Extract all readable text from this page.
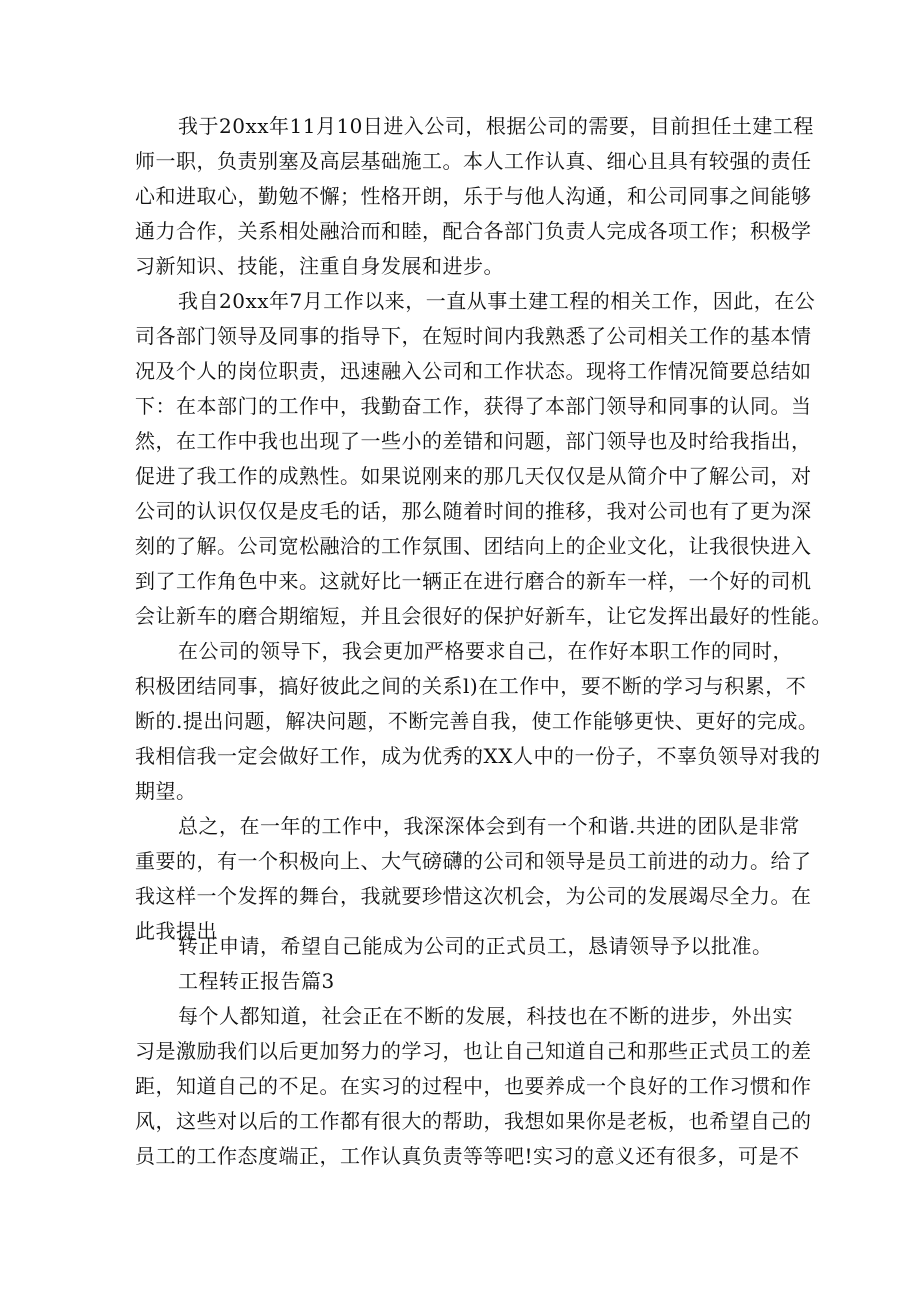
我于20xx年11月10日进入公司，根据公司的需要，目前担任土建工程
师一职，负责别塞及高层基础施工。本人工作认真、细心且具有较强的责任
心和进取心，勤勉不懈；性格开朗，乐于与他人沟通，和公司同事之间能够
通力合作，关系相处融洽而和睦，配合各部门负责人完成各项工作；积极学
习新知识、技能，注重自身发展和进步。
我自20xx年7月工作以来，一直从事土建工程的相关工作，因此，在公
司各部门领导及同事的指导下，在短时间内我熟悉了公司相关工作的基本情
况及个人的岗位职责，迅速融入公司和工作状态。现将工作情况简要总结如
下：在本部门的工作中，我勤奋工作，获得了本部门领导和同事的认同。当
然，在工作中我也出现了一些小的差错和问题，部门领导也及时给我指出，
促进了我工作的成熟性。如果说刚来的那几天仅仅是从简介中了解公司，对
公司的认识仅仅是皮毛的话，那么随着时间的推移，我对公司也有了更为深
刻的了解。公司宽松融洽的工作氛围、团结向上的企业文化，让我很快进入
到了工作角色中来。这就好比一辆正在进行磨合的新车一样，一个好的司机
会让新车的磨合期缩短，并且会很好的保护好新车，让它发挥出最好的性能。
在公司的领导下，我会更加严格要求自己，在作好本职工作的同时，
积极团结同事，搞好彼此之间的关系l)在工作中，要不断的学习与积累，不
断的.提出问题，解决问题，不断完善自我，使工作能够更快、更好的完成。
我相信我一定会做好工作，成为优秀的XX人中的一份子，不辜负领导对我的
期望。
总之，在一年的工作中，我深深体会到有一个和谐.共进的团队是非常
重要的，有一个积极向上、大气磅礴的公司和领导是员工前进的动力。给了
我这样一个发挥的舞台，我就要珍惜这次机会，为公司的发展竭尽全力。在
此我提出
转正申请，希望自己能成为公司的正式员工，恳请领导予以批准。
工程转正报告篇3
每个人都知道，社会正在不断的发展，科技也在不断的进步，外出实
习是激励我们以后更加努力的学习，也让自己知道自己和那些正式员工的差
距，知道自己的不足。在实习的过程中，也要养成一个良好的工作习惯和作
风，这些对以后的工作都有很大的帮助，我想如果你是老板，也希望自己的
员工的工作态度端正，工作认真负责等等吧!实习的意义还有很多，可是不
